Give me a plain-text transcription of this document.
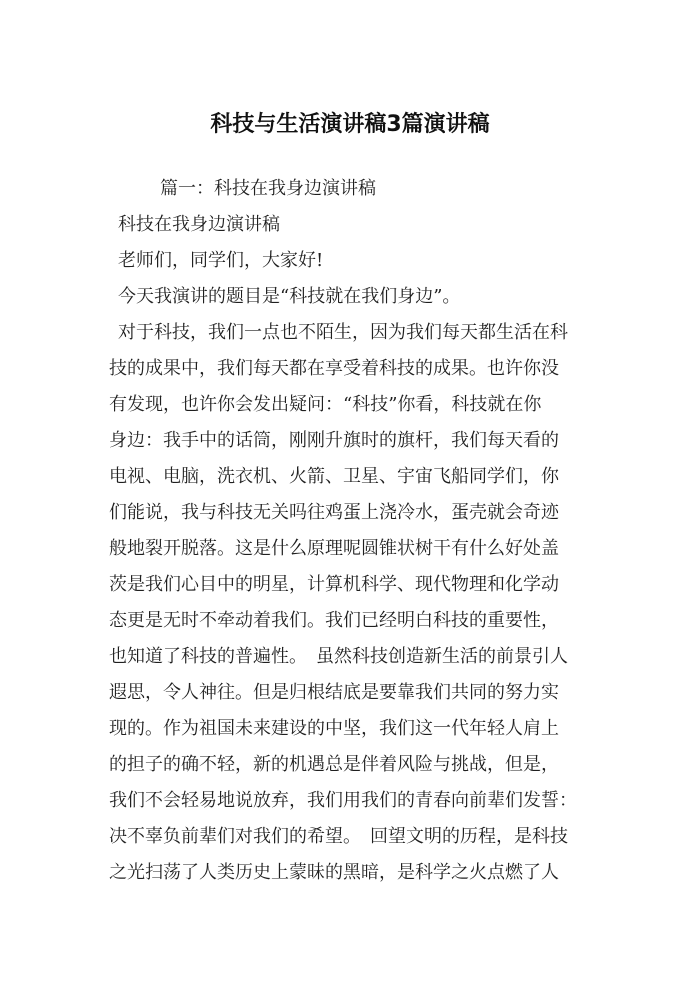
科技与生活演讲稿3篇演讲稿

篇一：科技在我身边演讲稿

科技在我身边演讲稿

老师们，同学们，大家好!

今天我演讲的题目是“科技就在我们身边”。

对于科技，我们一点也不陌生，因为我们每天都生活在科

技的成果中，我们每天都在享受着科技的成果。也许你没

有发现，也许你会发出疑问：“科技”你看，科技就在你

身边：我手中的话筒，刚刚升旗时的旗杆，我们每天看的

电视、电脑，洗衣机、火箭、卫星、宇宙飞船同学们，你

们能说，我与科技无关吗往鸡蛋上浇冷水，蛋壳就会奇迹

般地裂开脱落。这是什么原理呢圆锥状树干有什么好处盖

茨是我们心目中的明星，计算机科学、现代物理和化学动

态更是无时不牵动着我们。我们已经明白科技的重要性，

也知道了科技的普遍性。　虽然科技创造新生活的前景引人

遐思，令人神往。但是归根结底是要靠我们共同的努力实

现的。作为祖国未来建设的中坚，我们这一代年轻人肩上

的担子的确不轻，新的机遇总是伴着风险与挑战，但是，

我们不会轻易地说放弃，我们用我们的青春向前辈们发誓：

决不辜负前辈们对我们的希望。　回望文明的历程，是科技

之光扫荡了人类历史上蒙昧的黑暗，是科学之火点燃了人
